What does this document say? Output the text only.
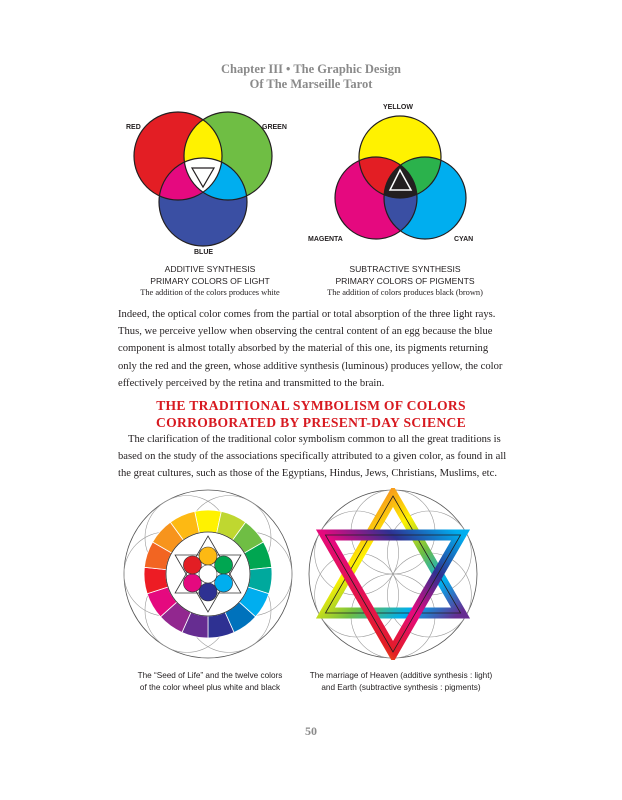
Chapter III • The Graphic Design
Of The Marseille Tarot
RED	GREEN
BLUE
ADDITIVE SYNTHESIS
PRIMARY COLORS OF LIGHT
The addition of the colors produces white
YELLOW
MAGENTA	CYAN
SUBTRACTIVE SYNTHESIS
PRIMARY COLORS OF PIGMENTS
The addition of colors produces black (brown)
Indeed, the optical color comes from the partial or total absorption of the three light rays.
Thus, we perceive yellow when observing the central content of an egg because the blue
component is almost totally absorbed by the material of this one, its pigments returning
only the red and the green, whose additive synthesis (luminous) produces yellow, the color
effectively perceived by the retina and transmitted to the brain.
THE TRADITIONAL SYMBOLISM OF COLORS
CORROBORATED BY PRESENT-DAY SCIENCE
The clarification of the traditional color symbolism common to all the great traditions is
based on the study of the associations specifically attributed to a given color, as found in all
the great cultures, such as those of the Egyptians, Hindus, Jews, Christians, Muslims, etc.
The “Seed of Life” and the twelve colors
of the color wheel plus white and black
The marriage of Heaven (additive synthesis : light)
and Earth (subtractive synthesis : pigments)
50
